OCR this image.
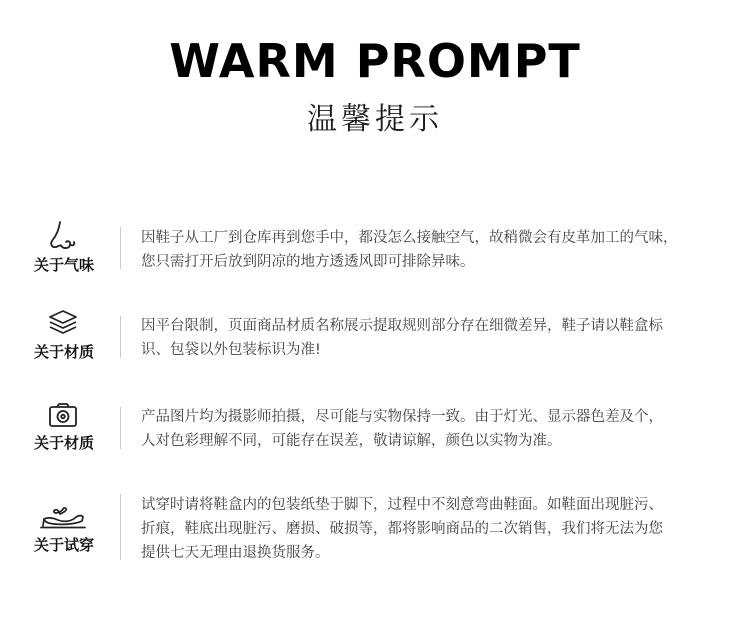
WARM PROMPT
温馨提示
关于气味
因鞋子从工厂到仓库再到您手中，都没怎么接触空气，故稍微会有皮革加工的气味，
您只需打开后放到阴凉的地方透透风即可排除异味。
关于材质
因平台限制，页面商品材质名称展示提取规则部分存在细微差异，鞋子请以鞋盒标
识、包袋以外包装标识为准!
关于材质
产品图片均为摄影师拍摄，尽可能与实物保持一致。由于灯光、显示器色差及个，
人对色彩理解不同，可能存在误差，敬请谅解，颜色以实物为准。
关于试穿
试穿时请将鞋盒内的包装纸垫于脚下，过程中不刻意弯曲鞋面。如鞋面出现脏污、
折痕，鞋底出现脏污、磨损、破损等，都将影响商品的二次销售，我们将无法为您
提供七天无理由退换货服务。
